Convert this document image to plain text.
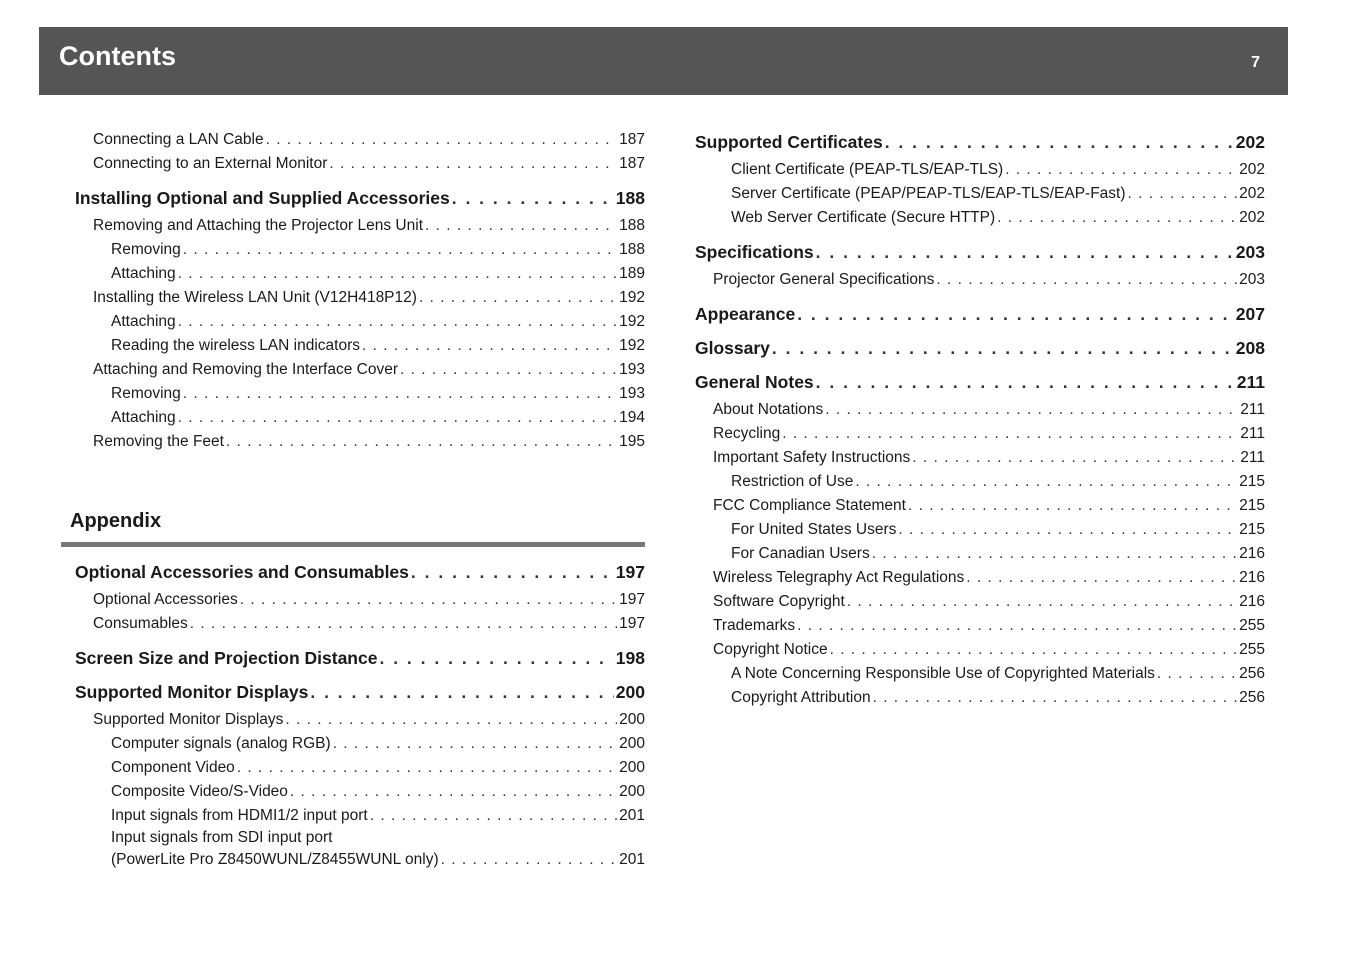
Contents	7
Connecting a LAN Cable . . .	187
Connecting to an External Monitor . . .	187
Installing Optional and Supplied Accessories . . .	188
Removing and Attaching the Projector Lens Unit . . .	188
Removing . . .	188
Attaching . . .	189
Installing the Wireless LAN Unit (V12H418P12) . . .	192
Attaching . . .	192
Reading the wireless LAN indicators . . .	192
Attaching and Removing the Interface Cover . . .	193
Removing . . .	193
Attaching . . .	194
Removing the Feet . . .	195
Appendix
Optional Accessories and Consumables . . .	197
Optional Accessories . . .	197
Consumables . . .	197
Screen Size and Projection Distance . . .	198
Supported Monitor Displays . . .	200
Supported Monitor Displays . . .	200
Computer signals (analog RGB) . . .	200
Component Video . . .	200
Composite Video/S-Video . . .	200
Input signals from HDMI1/2 input port . . .	201
Input signals from SDI input port
(PowerLite Pro Z8450WUNL/Z8455WUNL only) . . .	201
Supported Certificates . . .	202
Client Certificate (PEAP-TLS/EAP-TLS) . . .	202
Server Certificate (PEAP/PEAP-TLS/EAP-TLS/EAP-Fast) . . .	202
Web Server Certificate (Secure HTTP) . . .	202
Specifications . . .	203
Projector General Specifications . . .	203
Appearance . . .	207
Glossary . . .	208
General Notes . . .	211
About Notations . . .	211
Recycling . . .	211
Important Safety Instructions . . .	211
Restriction of Use . . .	215
FCC Compliance Statement . . .	215
For United States Users . . .	215
For Canadian Users . . .	216
Wireless Telegraphy Act Regulations . . .	216
Software Copyright . . .	216
Trademarks . . .	255
Copyright Notice . . .	255
A Note Concerning Responsible Use of Copyrighted Materials . . .	256
Copyright Attribution . . .	256
